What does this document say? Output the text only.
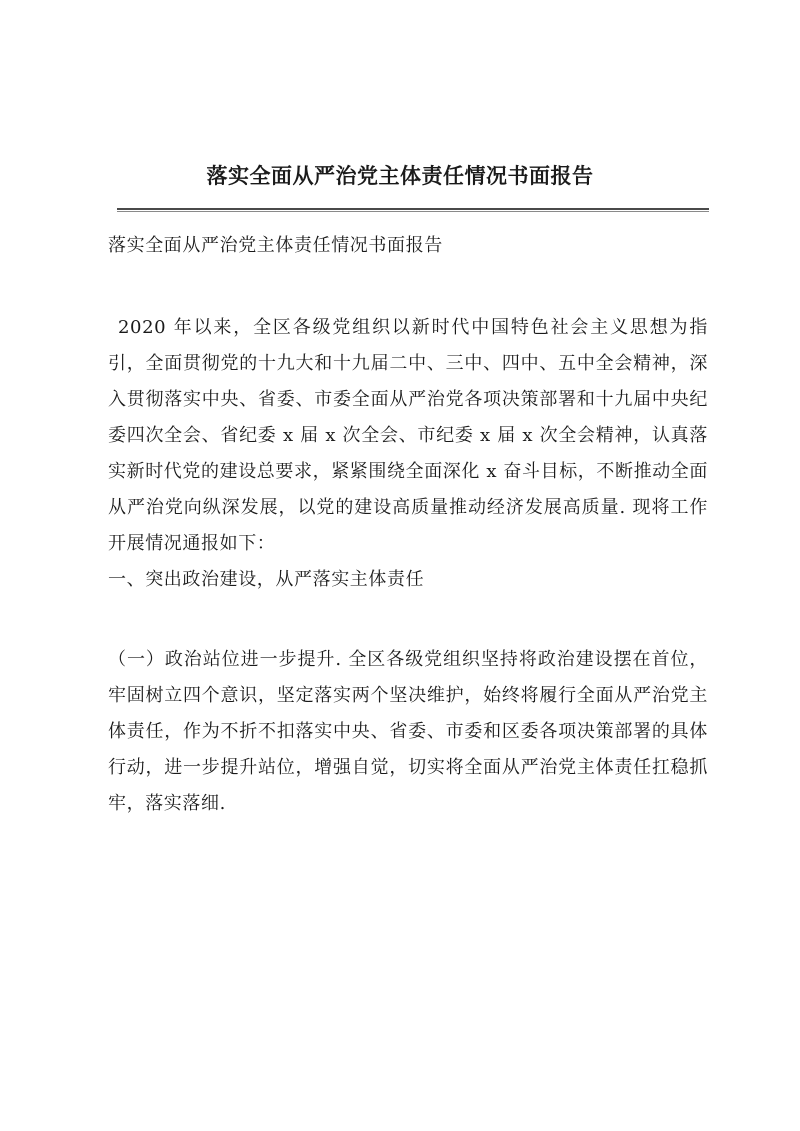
落实全面从严治党主体责任情况书面报告

落实全面从严治党主体责任情况书面报告

2020 年以来，全区各级党组织以新时代中国特色社会主义思想为指引，全面贯彻党的十九大和十九届二中、三中、四中、五中全会精神，深入贯彻落实中央、省委、市委全面从严治党各项决策部署和十九届中央纪委四次全会、省纪委 x 届 x 次全会、市纪委 x 届 x 次全会精神，认真落实新时代党的建设总要求，紧紧围绕全面深化 x 奋斗目标，不断推动全面从严治党向纵深发展，以党的建设高质量推动经济发展高质量. 现将工作开展情况通报如下：

一、突出政治建设，从严落实主体责任

（一）政治站位进一步提升. 全区各级党组织坚持将政治建设摆在首位，牢固树立四个意识，坚定落实两个坚决维护，始终将履行全面从严治党主体责任，作为不折不扣落实中央、省委、市委和区委各项决策部署的具体行动，进一步提升站位，增强自觉，切实将全面从严治党主体责任扛稳抓牢，落实落细.
